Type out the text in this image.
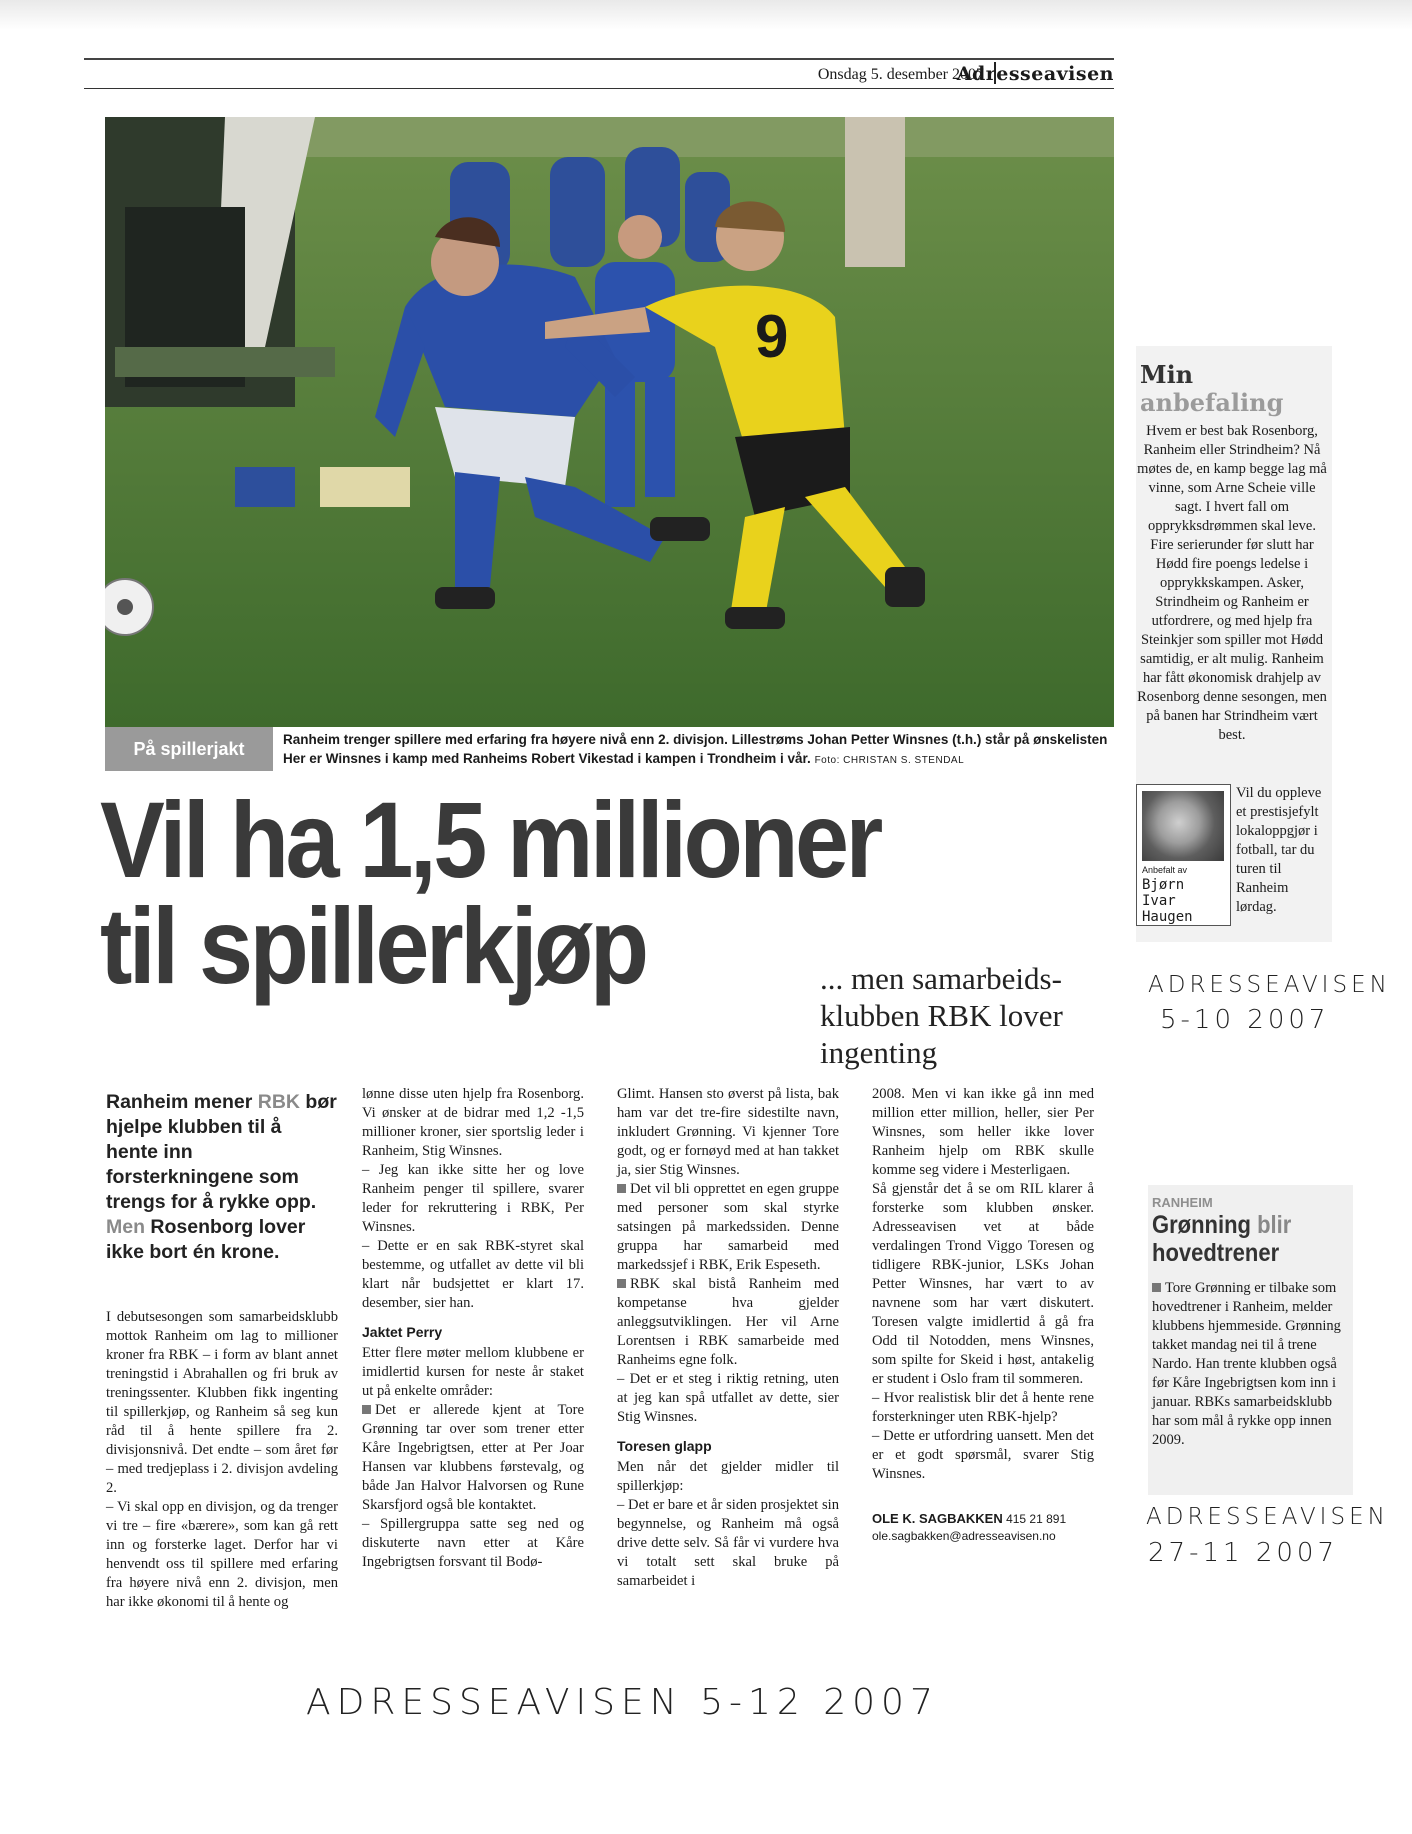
Onsdag 5. desember 2007
Adresseavisen
9
På spillerjakt	Ranheim trenger spillere med erfaring fra høyere nivå enn 2. divisjon. Lillestrøms Johan Petter Winsnes (t.h.) står på ønskelisten Her er Winsnes i kamp med Ranheims Robert Vikestad i kampen i Trondheim i vår. Foto: CHRISTAN S. STENDAL
Vil ha 1,5 millioner
til spillerkjøp	... men samarbeids-klubben RBK lover ingenting
Ranheim mener RBK bør hjelpe klubben til å hente inn forsterkningene som trengs for å rykke opp. Men Rosenborg lover ikke bort én krone.

I debutsesongen som samarbeidsklubb mottok Ranheim om lag to millioner kroner fra RBK – i form av blant annet treningstid i Abrahallen og fri bruk av treningssenter. Klubben fikk ingenting til spillerkjøp, og Ranheim så seg kun råd til å hente spillere fra 2. divisjonsnivå. Det endte – som året før – med tredjeplass i 2. divisjon avdeling 2.

– Vi skal opp en divisjon, og da trenger vi tre – fire «bærere», som kan gå rett inn og forsterke laget. Derfor har vi henvendt oss til spillere med erfaring fra høyere nivå enn 2. divisjon, men har ikke økonomi til å hente og

lønne disse uten hjelp fra Rosenborg. Vi ønsker at de bidrar med 1,2 -1,5 millioner kroner, sier sportslig leder i Ranheim, Stig Winsnes.

– Jeg kan ikke sitte her og love Ranheim penger til spillere, svarer leder for rekruttering i RBK, Per Winsnes.

– Dette er en sak RBK-styret skal bestemme, og utfallet av dette vil bli klart når budsjettet er klart 17. desember, sier han.

Jaktet Perry

Etter flere møter mellom klubbene er imidlertid kursen for neste år staket ut på enkelte områder:

Det er allerede kjent at Tore Grønning tar over som trener etter Kåre Ingebrigtsen, etter at Per Joar Hansen var klubbens førstevalg, og både Jan Halvor Halvorsen og Rune Skarsfjord også ble kontaktet.

– Spillergruppa satte seg ned og diskuterte navn etter at Kåre Ingebrigtsen forsvant til Bodø-

Glimt. Hansen sto øverst på lista, bak ham var det tre-fire sidestilte navn, inkludert Grønning. Vi kjenner Tore godt, og er fornøyd med at han takket ja, sier Stig Winsnes.

Det vil bli opprettet en egen gruppe med personer som skal styrke satsingen på markedssiden. Denne gruppa har samarbeid med markedssjef i RBK, Erik Espeseth.

RBK skal bistå Ranheim med kompetanse hva gjelder anleggsutviklingen. Her vil Arne Lorentsen i RBK samarbeide med Ranheims egne folk.

– Det er et steg i riktig retning, uten at jeg kan spå utfallet av dette, sier Stig Winsnes.

Toresen glapp

Men når det gjelder midler til spillerkjøp:

– Det er bare et år siden prosjektet sin begynnelse, og Ranheim må også drive dette selv. Så får vi vurdere hva vi totalt sett skal bruke på samarbeidet i

2008. Men vi kan ikke gå inn med million etter million, heller, sier Per Winsnes, som heller ikke lover Ranheim hjelp om RBK skulle komme seg videre i Mesterligaen.

Så gjenstår det å se om RIL klarer å forsterke som klubben ønsker. Adresseavisen vet at både verdalingen Trond Viggo Toresen og tidligere RBK-junior, LSKs Johan Petter Winsnes, har vært to av navnene som har vært diskutert. Toresen valgte imidlertid å gå fra Odd til Notodden, mens Winsnes, som spilte for Skeid i høst, antakelig er student i Oslo fram til sommeren.

– Hvor realistisk blir det å hente rene forsterkninger uten RBK-hjelp?

– Dette er utfordring uansett. Men det er et godt spørsmål, svarer Stig Winsnes.

OLE K. SAGBAKKEN 415 21 891
ole.sagbakken@adresseavisen.no
Min
anbefaling
Hvem er best bak Rosenborg, Ranheim eller Strindheim? Nå møtes de, en kamp begge lag må vinne, som Arne Scheie ville sagt. I hvert fall om opprykksdrømmen skal leve. Fire serierunder før slutt har Hødd fire poengs ledelse i opprykkskampen. Asker, Strindheim og Ranheim er utfordrere, og med hjelp fra Steinkjer som spiller mot Hødd samtidig, er alt mulig. Ranheim har fått økonomisk drahjelp av Rosenborg denne sesongen, men på banen har Strindheim vært best.
Anbefalt av
Bjørn
Ivar
Haugen
Vil du oppleve et prestisjefylt lokaloppgjør i fotball, tar du turen til Ranheim lørdag.
RANHEIM
Grønning blir
hovedtrener
Tore Grønning er tilbake som hovedtrener i Ranheim, melder klubbens hjemmeside. Grønning takket mandag nei til å trene Nardo. Han trente klubben også før Kåre Ingebrigtsen kom inn i januar. RBKs samarbeidsklubb har som mål å rykke opp innen 2009.
ADRESSEAVISEN
5-10 2007
ADRESSEAVISEN
27-11 2007
ADRESSEAVISEN 5-12 2007
